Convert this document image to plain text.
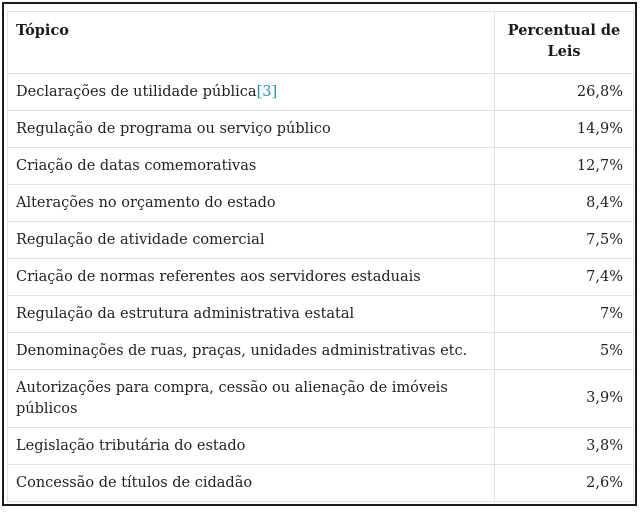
Tópico	Percentual de Leis
Declarações de utilidade pública[3]	26,8%
Regulação de programa ou serviço público	14,9%
Criação de datas comemorativas	12,7%
Alterações no orçamento do estado	8,4%
Regulação de atividade comercial	7,5%
Criação de normas referentes aos servidores estaduais	7,4%
Regulação da estrutura administrativa estatal	7%
Denominações de ruas, praças, unidades administrativas etc.	5%
Autorizações para compra, cessão ou alienação de imóveis públicos	3,9%
Legislação tributária do estado	3,8%
Concessão de títulos de cidadão	2,6%
